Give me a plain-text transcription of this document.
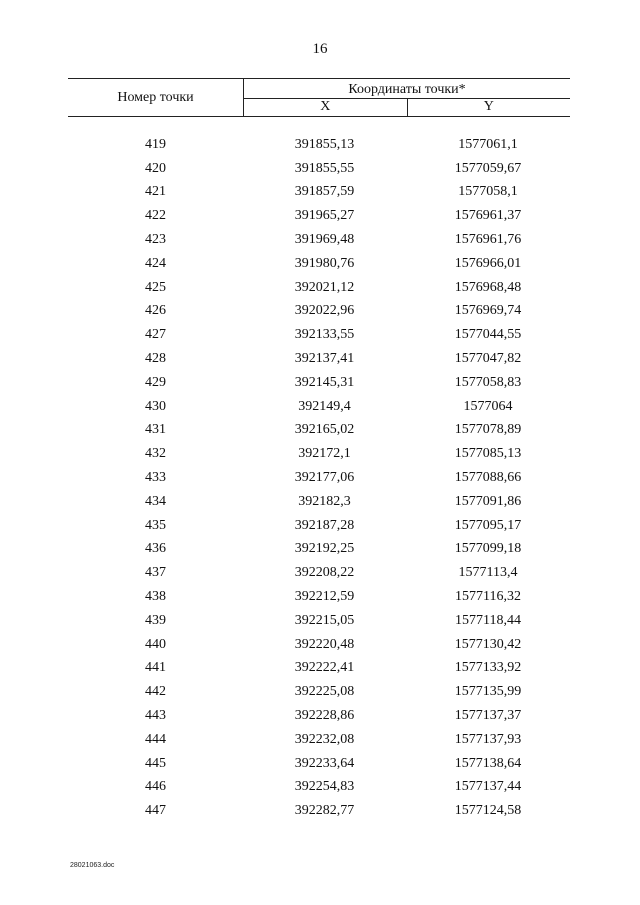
16
Номер точки	Координаты точки*
X	Y
419	391855,13	1577061,1
420	391855,55	1577059,67
421	391857,59	1577058,1
422	391965,27	1576961,37
423	391969,48	1576961,76
424	391980,76	1576966,01
425	392021,12	1576968,48
426	392022,96	1576969,74
427	392133,55	1577044,55
428	392137,41	1577047,82
429	392145,31	1577058,83
430	392149,4	1577064
431	392165,02	1577078,89
432	392172,1	1577085,13
433	392177,06	1577088,66
434	392182,3	1577091,86
435	392187,28	1577095,17
436	392192,25	1577099,18
437	392208,22	1577113,4
438	392212,59	1577116,32
439	392215,05	1577118,44
440	392220,48	1577130,42
441	392222,41	1577133,92
442	392225,08	1577135,99
443	392228,86	1577137,37
444	392232,08	1577137,93
445	392233,64	1577138,64
446	392254,83	1577137,44
447	392282,77	1577124,58
28021063.doc
